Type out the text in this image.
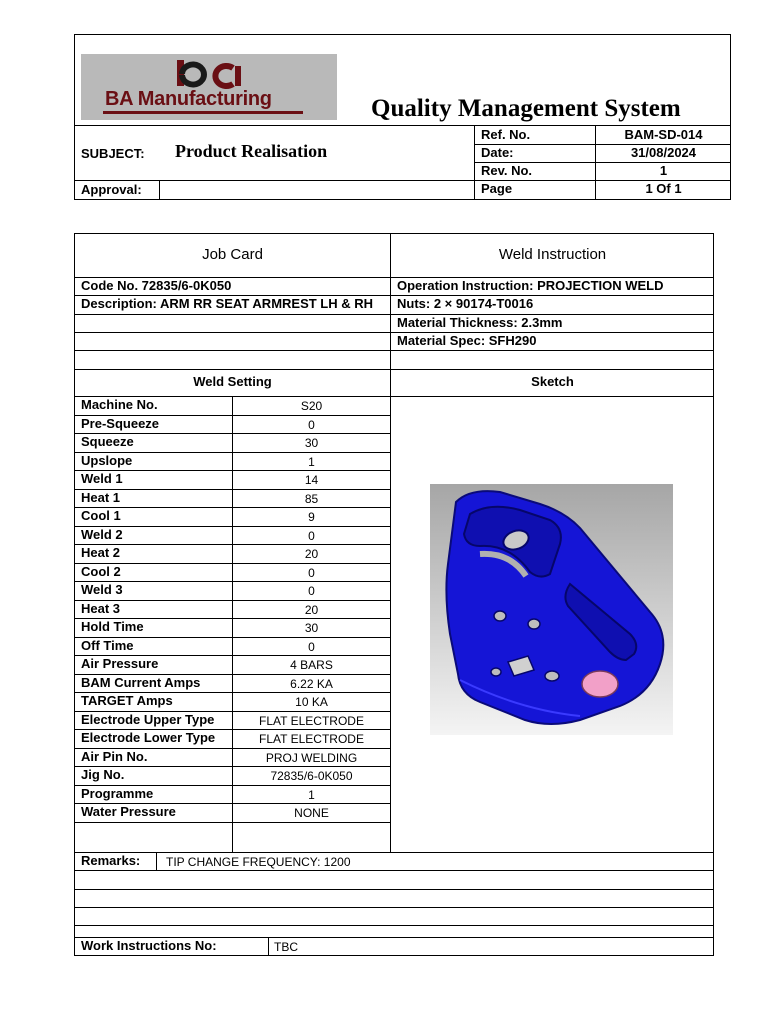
BA Manufacturing	Quality Management System
SUBJECT: Product Realisation
Approval:
Ref. No.	BAM-SD-014
Date:	31/08/2024
Rev. No.	1
Page	1 Of 1
Job Card	Weld Instruction
Code No. 72835/6-0K050
Description: ARM RR SEAT ARMREST LH & RH
Operation Instruction: PROJECTION WELD
Nuts: 2 × 90174-T0016
Material Thickness: 2.3mm
Material Spec: SFH290
Weld Setting	Sketch
Machine No.	S20
Pre-Squeeze	0
Squeeze	30
Upslope	1
Weld 1	14
Heat 1	85
Cool 1	9
Weld 2	0
Heat 2	20
Cool 2	0
Weld 3	0
Heat 3	20
Hold Time	30
Off Time	0
Air Pressure	4 BARS
BAM Current Amps	6.22 KA
TARGET Amps	10 KA
Electrode Upper Type	FLAT ELECTRODE
Electrode Lower Type	FLAT ELECTRODE
Air Pin No.	PROJ WELDING
Jig No.	72835/6-0K050
Programme	1
Water Pressure	NONE
Remarks: TIP CHANGE FREQUENCY: 1200
Work Instructions No:	TBC
